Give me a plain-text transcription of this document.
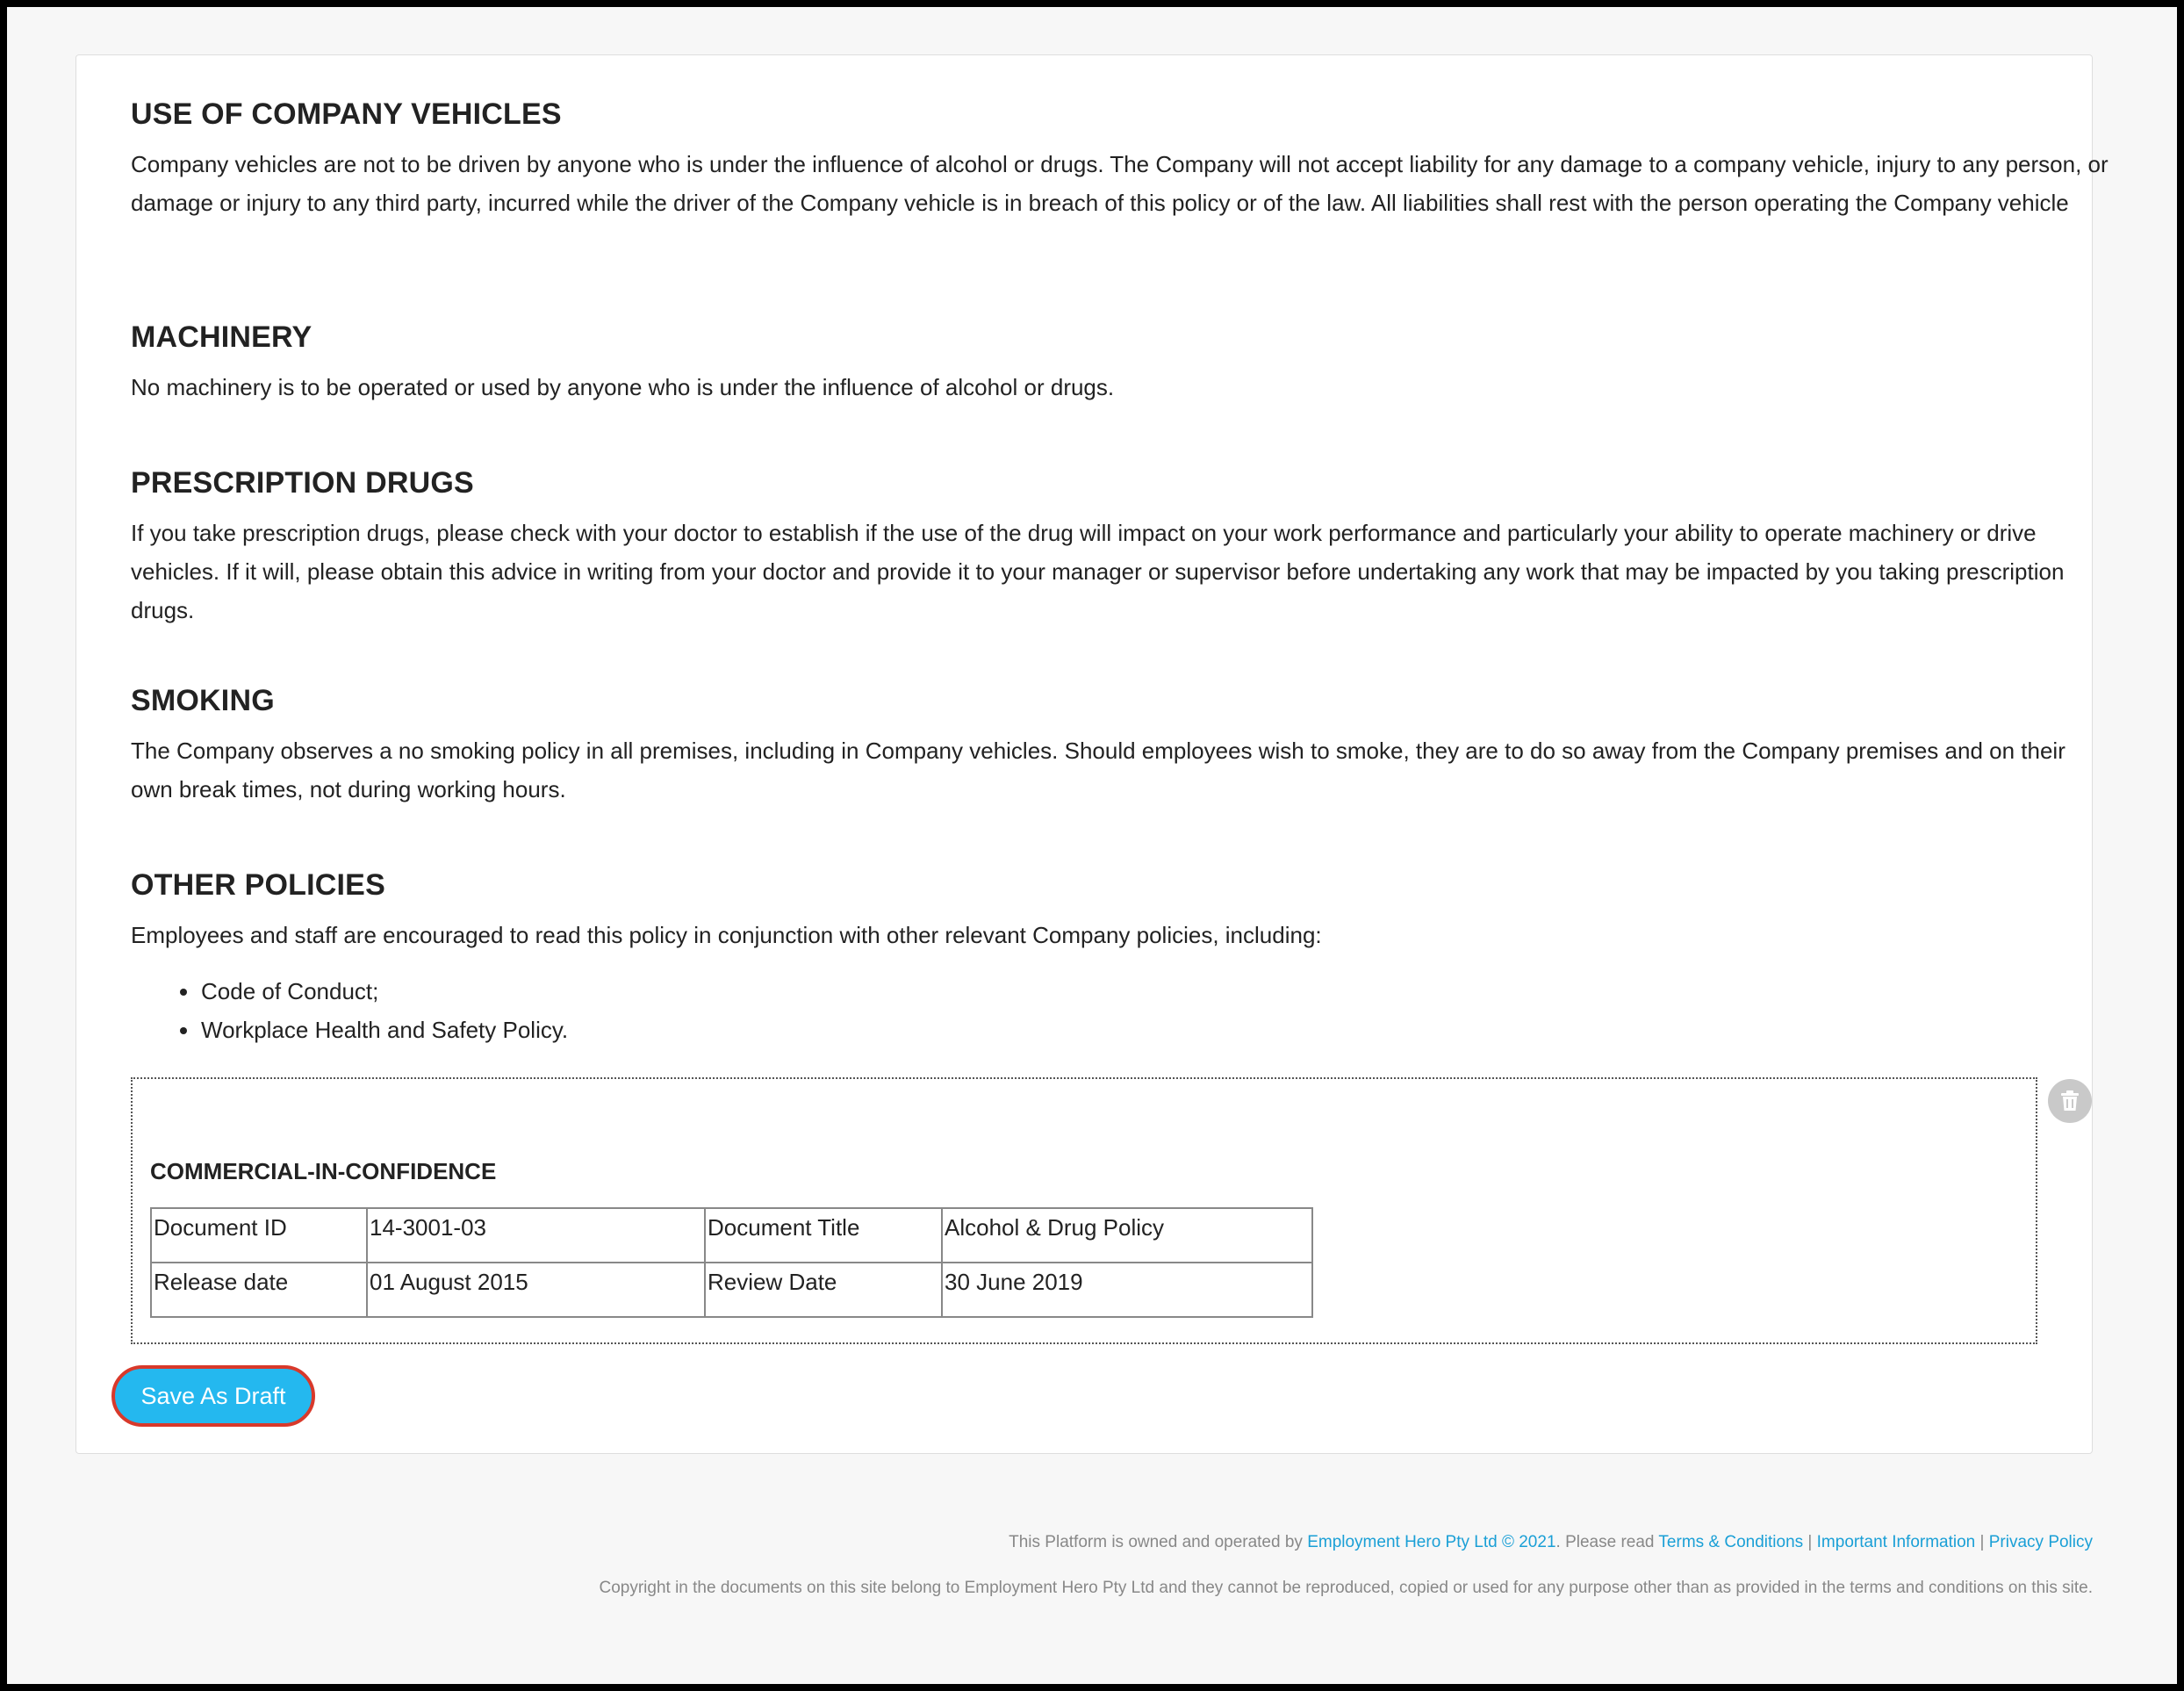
USE OF COMPANY VEHICLES

Company vehicles are not to be driven by anyone who is under the influence of alcohol or drugs. The Company will not accept liability for any damage to a company vehicle, injury to any person, or damage or injury to any third party, incurred while the driver of the Company vehicle is in breach of this policy or of the law. All liabilities shall rest with the person operating the Company vehicle

MACHINERY

No machinery is to be operated or used by anyone who is under the influence of alcohol or drugs.

PRESCRIPTION DRUGS

If you take prescription drugs, please check with your doctor to establish if the use of the drug will impact on your work performance and particularly your ability to operate machinery or drive vehicles. If it will, please obtain this advice in writing from your doctor and provide it to your manager or supervisor before undertaking any work that may be impacted by you taking prescription drugs.

SMOKING

The Company observes a no smoking policy in all premises, including in Company vehicles. Should employees wish to smoke, they are to do so away from the Company premises and on their own break times, not during working hours.

OTHER POLICIES

Employees and staff are encouraged to read this policy in conjunction with other relevant Company policies, including:

Code of Conduct;
Workplace Health and Safety Policy.
COMMERCIAL-IN-CONFIDENCE
Document ID	14-3001-03	Document Title	Alcohol & Drug Policy
Release date	01 August 2015	Review Date	30 June 2019
Save As Draft
This Platform is owned and operated by Employment Hero Pty Ltd © 2021. Please read Terms & Conditions | Important Information | Privacy Policy
Copyright in the documents on this site belong to Employment Hero Pty Ltd and they cannot be reproduced, copied or used for any purpose other than as provided in the terms and conditions on this site.
